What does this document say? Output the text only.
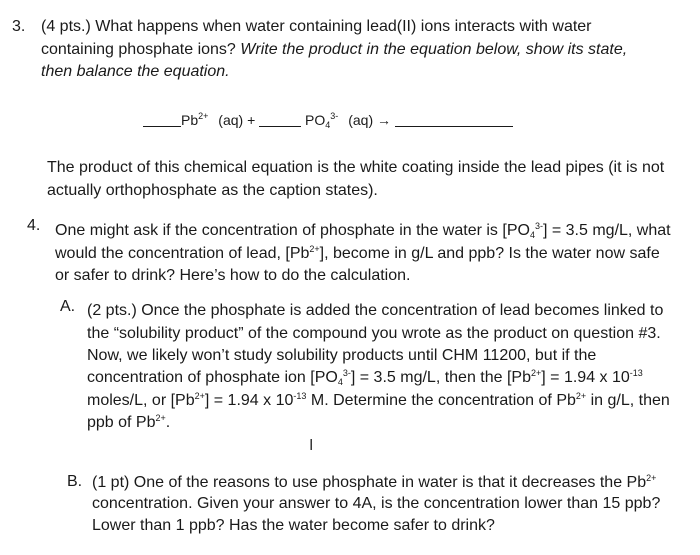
3. (4 pts.) What happens when water containing lead(II) ions interacts with water
containing phosphate ions? Write the product in the equation below, show its state,
then balance the equation.
$Pb^{2+}$ (aq) +	$PO_4^{3-}$ (aq) →
The product of this chemical equation is the white coating inside the lead pipes (it is not
actually orthophosphate as the caption states).
4. One might ask if the concentration of phosphate in the water is $[PO_4^{3-}] = 3.5$ mg/L, what
would the concentration of lead, $[Pb^{2+}]$, become in g/L and ppb? Is the water now safe
or safer to drink? Here’s how to do the calculation.
A. (2 pts.) Once the phosphate is added the concentration of lead becomes linked to
the “solubility product” of the compound you wrote as the product on question #3.
Now, we likely won’t study solubility products until CHM 11200, but if the
concentration of phosphate ion $[PO_4^{3-}] = 3.5$ mg/L, then the $[Pb^{2+}] = 1.94$ x $10^{-13}$
moles/L, or $[Pb^{2+}] = 1.94$ x $10^{-13}$ M. Determine the concentration of $Pb^{2+}$ in g/L, then
ppb of $Pb^{2+}$.
I
B. (1 pt) One of the reasons to use phosphate in water is that it decreases the $Pb^{2+}$
concentration. Given your answer to 4A, is the concentration lower than 15 ppb?
Lower than 1 ppb? Has the water become safer to drink?
